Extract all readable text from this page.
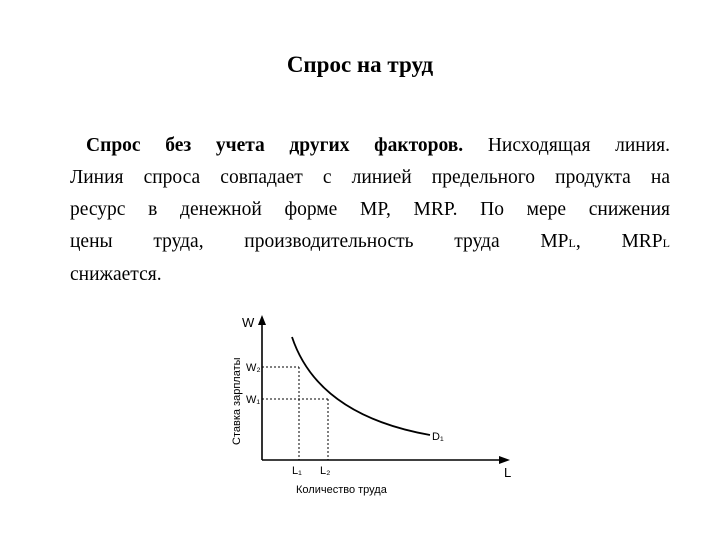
Спрос на труд
Спрос без учета других факторов. Нисходящая линия.
Линия спроса совпадает с линией предельного продукта на
ресурс в денежной форме MP, MRP. По мере снижения
цены труда, производительность труда MPL, MRPL
снижается.
W
Ставка зарплаты W₂
W₁
L₁ L₂	L
Количество труда
D₁
